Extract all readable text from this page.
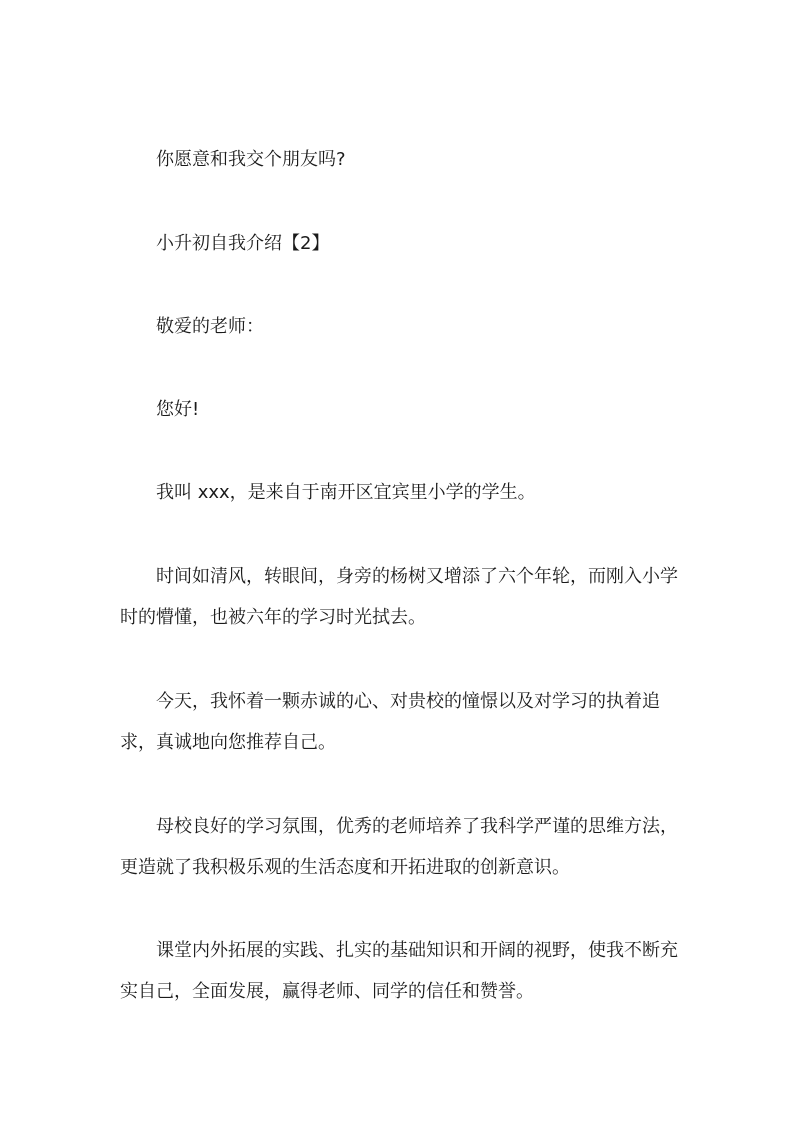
你愿意和我交个朋友吗?

小升初自我介绍【2】

敬爱的老师：

您好!

我叫 xxx，是来自于南开区宜宾里小学的学生。

时间如清风，转眼间，身旁的杨树又增添了六个年轮，而刚入小学时的懵懂，也被六年的学习时光拭去。

今天，我怀着一颗赤诚的心、对贵校的憧憬以及对学习的执着追求，真诚地向您推荐自己。

母校良好的学习氛围，优秀的老师培养了我科学严谨的思维方法，更造就了我积极乐观的生活态度和开拓进取的创新意识。

课堂内外拓展的实践、扎实的基础知识和开阔的视野，使我不断充实自己，全面发展，赢得老师、同学的信任和赞誉。
